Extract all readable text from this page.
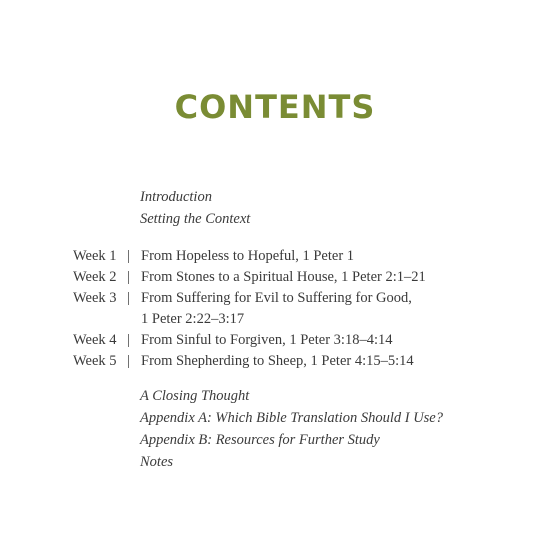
CONTENTS
Introduction
Setting the Context
Week 1 | From Hopeless to Hopeful, 1 Peter 1
Week 2 | From Stones to a Spiritual House, 1 Peter 2:1–21
Week 3 | From Suffering for Evil to Suffering for Good,
1 Peter 2:22–3:17
Week 4 | From Sinful to Forgiven, 1 Peter 3:18–4:14
Week 5 | From Shepherding to Sheep, 1 Peter 4:15–5:14
A Closing Thought
Appendix A: Which Bible Translation Should I Use?
Appendix B: Resources for Further Study
Notes
